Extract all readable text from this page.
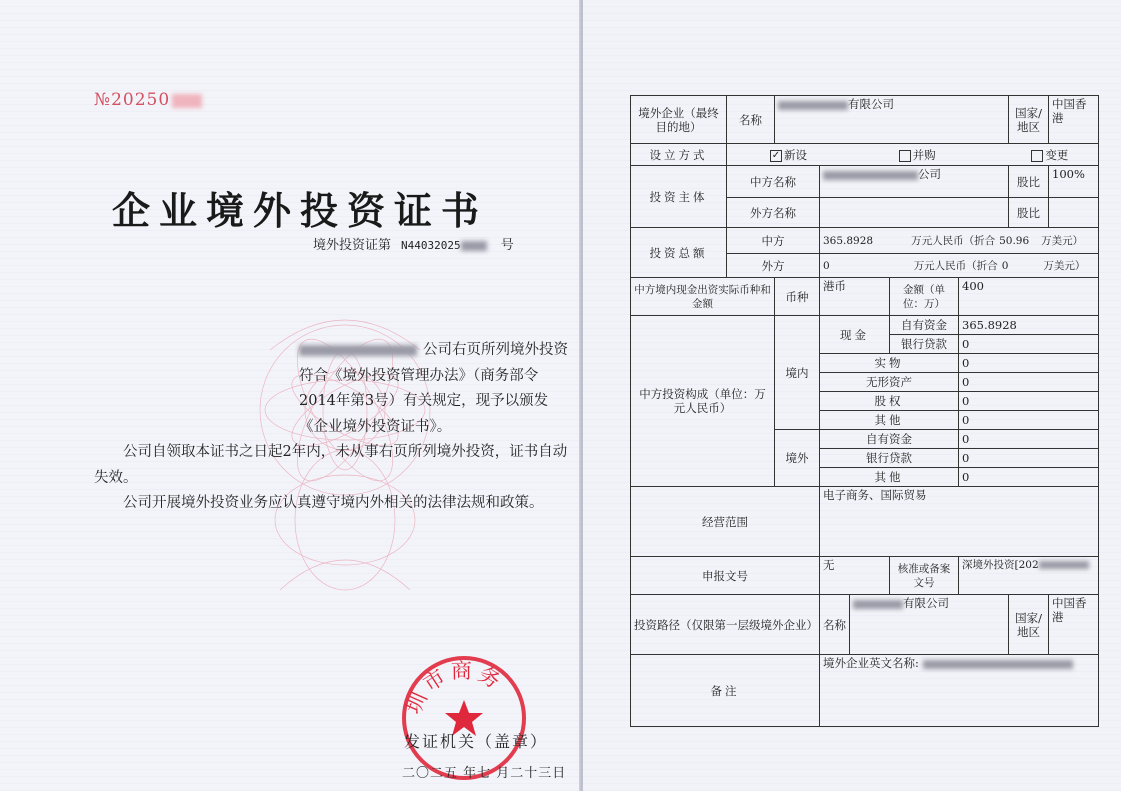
№20250
企业境外投资证书
境外投资证第 N44032025	号

公司右页所列境外投资符合《境外投资管理办法》（商务部令2014年第3号）有关规定，现予以颁发《企业境外投资证书》。

公司自领取本证书之日起2年内，未从事右页所列境外投资，证书自动失效。

公司开展境外投资业务应认真遵守境内外相关的法律法规和政策。

圳市商务
发证机关（盖章）
二〇二五 年七 月二十三日
境外企业（最终目的地）	名称	有限公司					国家/地区	中国香港
设立方式	✓ 新设 并购 变更							
投资主体	中方名称		公司				股比	100%
	外方名称						股比	
投资总额	中方		365.8928 万元人民币（折合 50.96 万美元）					
	外方		0 万元人民币（折合 0 万美元）					
中方境内现金出资实际币种和金额		币种	港币		金额（单位：万）	400		
中方投资构成（单位：万元人民币）		境内	现金		自有资金	365.8928		
					银行贷款	0		
			实物			0		
			无形资产			0		
			股权			0		
			其他			0		
		境外	自有资金			0		
			银行贷款			0		
			其他			0		
经营范围			电子商务、国际贸易					
申报文号			无		核准或备案文号	深境外投资[202		
投资路径（仅限第一层级境外企业）			名称	有限公司			国家/地区	中国香港
备注			境外企业英文名称:					
